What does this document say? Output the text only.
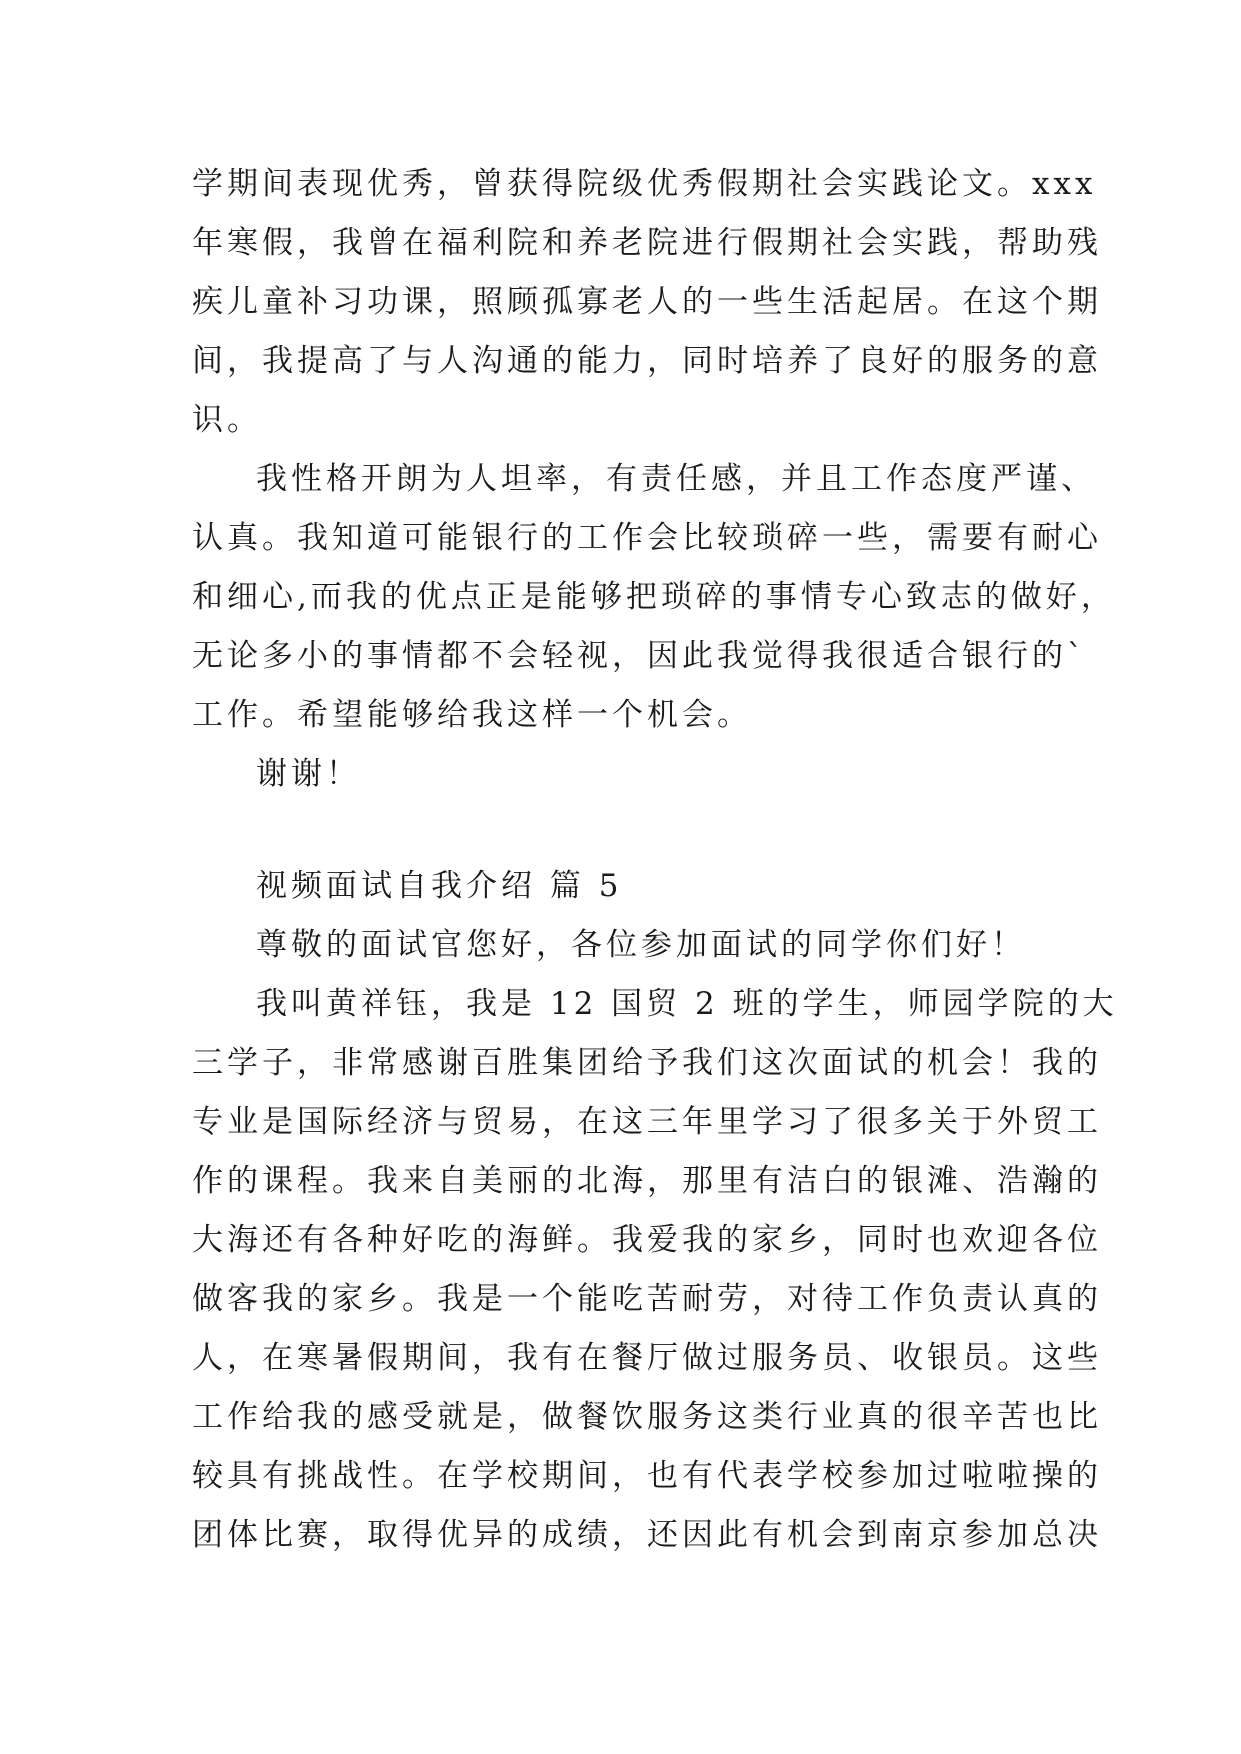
学期间表现优秀，曾获得院级优秀假期社会实践论文。xxx
年寒假，我曾在福利院和养老院进行假期社会实践，帮助残
疾儿童补习功课，照顾孤寡老人的一些生活起居。在这个期
间，我提高了与人沟通的能力，同时培养了良好的服务的意
识。
我性格开朗为人坦率，有责任感，并且工作态度严谨、
认真。我知道可能银行的工作会比较琐碎一些，需要有耐心
和细心,而我的优点正是能够把琐碎的事情专心致志的做好，
无论多小的事情都不会轻视，因此我觉得我很适合银行的`
工作。希望能够给我这样一个机会。
谢谢！
视频面试自我介绍 篇 5
尊敬的面试官您好，各位参加面试的同学你们好！
我叫黄祥钰，我是 12 国贸 2 班的学生，师园学院的大
三学子，非常感谢百胜集团给予我们这次面试的机会！我的
专业是国际经济与贸易，在这三年里学习了很多关于外贸工
作的课程。我来自美丽的北海，那里有洁白的银滩、浩瀚的
大海还有各种好吃的海鲜。我爱我的家乡，同时也欢迎各位
做客我的家乡。我是一个能吃苦耐劳，对待工作负责认真的
人，在寒暑假期间，我有在餐厅做过服务员、收银员。这些
工作给我的感受就是，做餐饮服务这类行业真的很辛苦也比
较具有挑战性。在学校期间，也有代表学校参加过啦啦操的
团体比赛，取得优异的成绩，还因此有机会到南京参加总决
